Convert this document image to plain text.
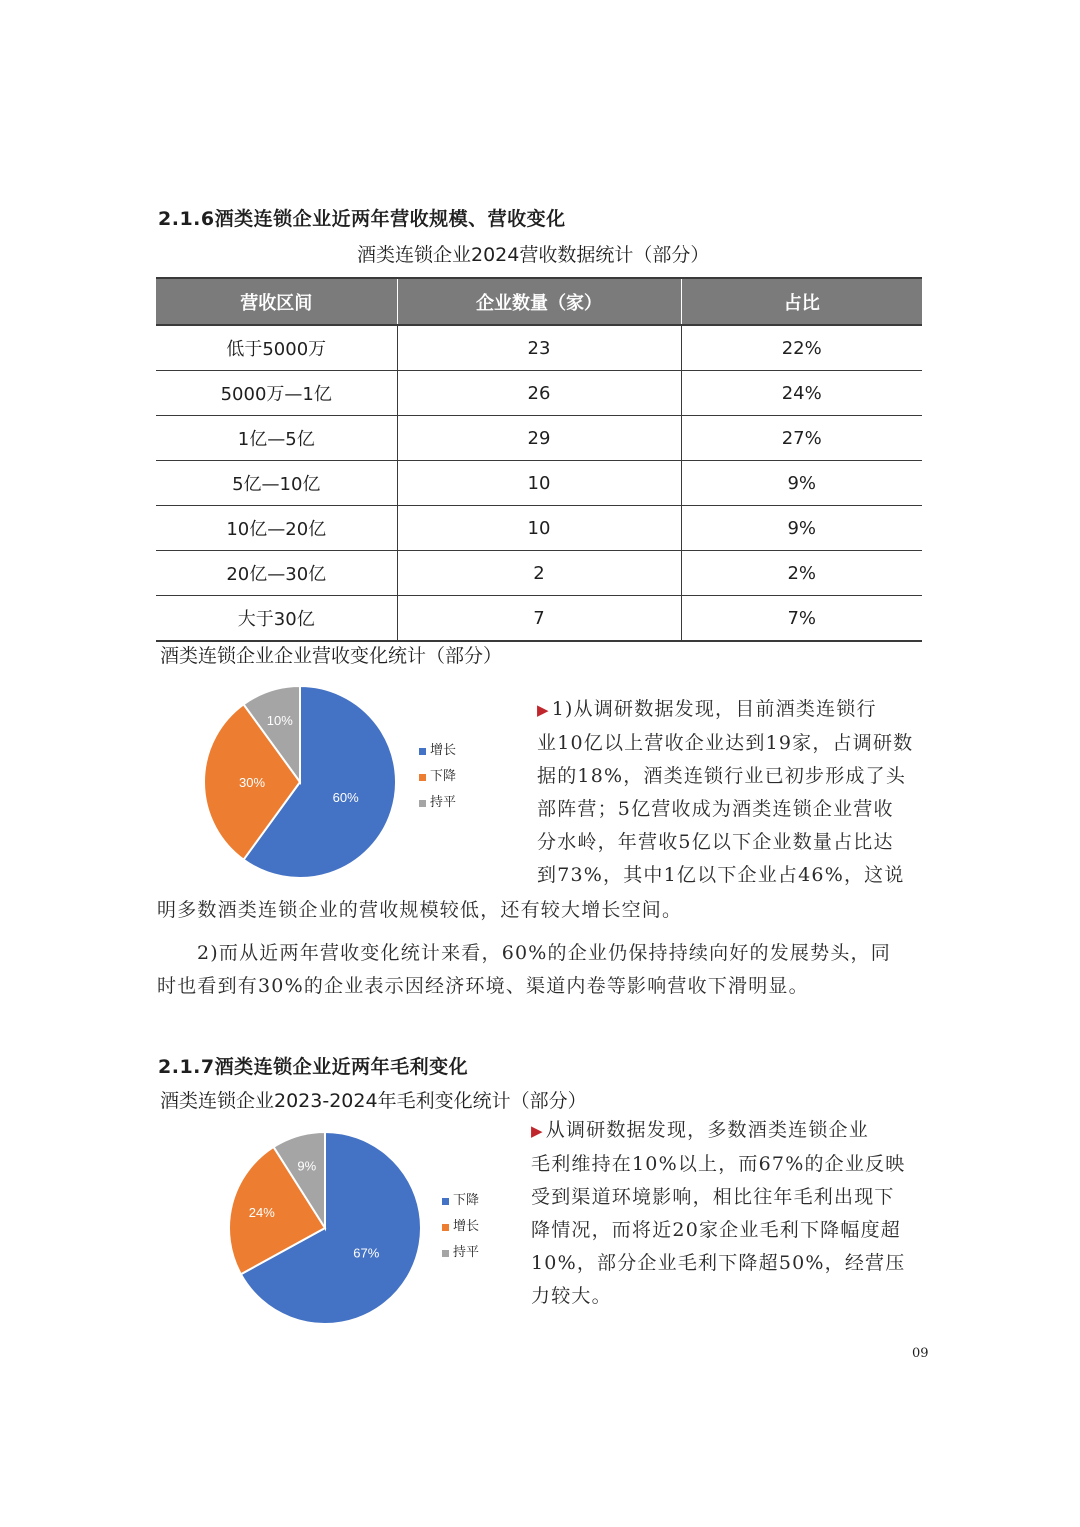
2.1.6酒类连锁企业近两年营收规模、营收变化
酒类连锁企业2024营收数据统计（部分）
营收区间	企业数量（家）	占比
低于5000万	23	22%
5000万—1亿	26	24%
1亿—5亿	29	27%
5亿—10亿	10	9%
10亿—20亿	10	9%
20亿—30亿	2	2%
大于30亿	7	7%
酒类连锁企业企业营收变化统计（部分）
60%
30%
10%
增长
下降
持平
▶ 1)从调研数据发现，目前酒类连锁行
业10亿以上营收企业达到19家，占调研数
据的18%，酒类连锁行业已初步形成了头
部阵营；5亿营收成为酒类连锁企业营收
分水岭，年营收5亿以下企业数量占比达
到73%，其中1亿以下企业占46%，这说
明多数酒类连锁企业的营收规模较低，还有较大增长空间。
2)而从近两年营收变化统计来看，60%的企业仍保持持续向好的发展势头，同
时也看到有30%的企业表示因经济环境、渠道内卷等影响营收下滑明显。
2.1.7酒类连锁企业近两年毛利变化
酒类连锁企业2023-2024年毛利变化统计（部分）
67%
24%
9%
下降
增长
持平
▶ 从调研数据发现，多数酒类连锁企业
毛利维持在10%以上，而67%的企业反映
受到渠道环境影响，相比往年毛利出现下
降情况，而将近20家企业毛利下降幅度超
10%，部分企业毛利下降超50%，经营压
力较大。
09
